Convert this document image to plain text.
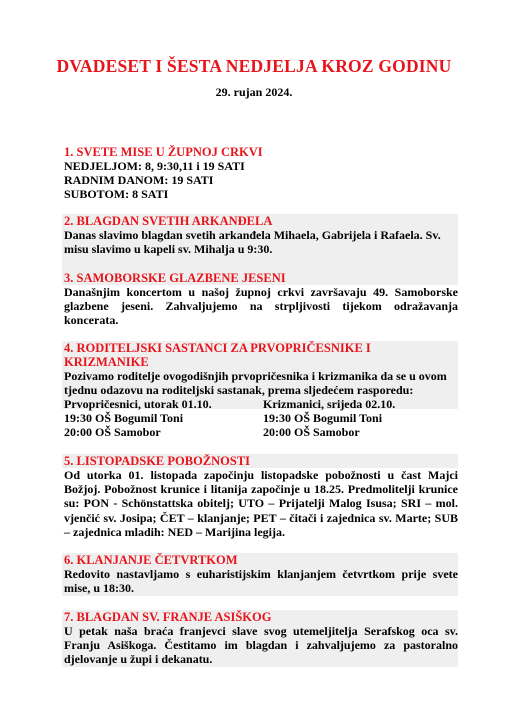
DVADESET I ŠESTA NEDJELJA KROZ GODINU
29. rujan 2024.
1. SVETE MISE U ŽUPNOJ CRKVI
NEDJELJOM: 8, 9:30,11 i 19 SATI
RADNIM DANOM: 19 SATI
SUBOTOM: 8 SATI
2. BLAGDAN SVETIH ARKANĐELA
Danas slavimo blagdan svetih arkanđela Mihaela, Gabrijela i Rafaela. Sv. misu slavimo u kapeli sv. Mihalja u 9:30.
3. SAMOBORSKE GLAZBENE JESENI
Današnjim koncertom u našoj župnoj crkvi završavaju 49. Samoborske glazbene jeseni. Zahvaljujemo na strpljivosti tijekom odražavanja koncerata.
4. RODITELJSKI SASTANCI ZA PRVOPRIČESNIKE I KRIZMANIKE
Pozivamo roditelje ovogodišnjih prvopričesnika i krizmanika da se u ovom tjednu odazovu na roditeljski sastanak, prema sljedećem rasporedu:
Prvopričesnici, utorak 01.10.
19:30 OŠ Bogumil Toni
20:00 OŠ Samobor
Krizmanici, srijeda 02.10.
19:30 OŠ Bogumil Toni
20:00 OŠ Samobor
5. LISTOPADSKE POBOŽNOSTI
Od utorka 01. listopada započinju listopadske pobožnosti u čast Majci Božjoj. Pobožnost krunice i litanija započinje u 18.25. Predmolitelji krunice su: PON - Schönstattska obitelj; UTO – Prijatelji Malog Isusa; SRI – mol. vjenčić sv. Josipa; ČET – klanjanje; PET – čitači i zajednica sv. Marte; SUB – zajednica mladih: NED – Marijina legija.
6. KLANJANJE ČETVRTKOM
Redovito nastavljamo s euharistijskim klanjanjem četvrtkom prije svete mise, u 18:30.
7. BLAGDAN SV. FRANJE ASIŠKOG
U petak naša braća franjevci slave svog utemeljitelja Serafskog oca sv. Franju Asiškoga. Čestitamo im blagdan i zahvaljujemo za pastoralno djelovanje u župi i dekanatu.
